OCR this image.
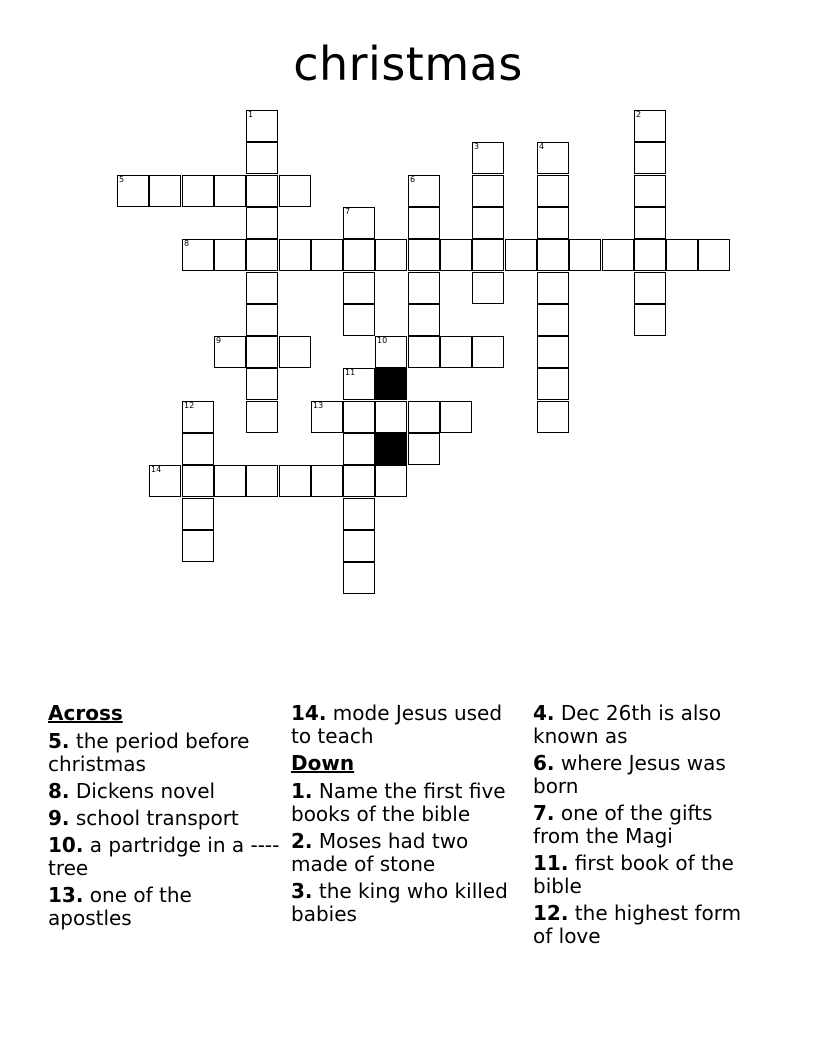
christmas
5
8
9	10
13
14
1	2
3	4
6
7
11
12
Across
5. the period before christmas
8. Dickens novel
9. school transport
10. a partridge in a ---- tree
13. one of the apostles
14. mode Jesus used to teach
Down
1. Name the first five books of the bible
2. Moses had two made of stone
3. the king who killed babies
4. Dec 26th is also known as
6. where Jesus was born
7. one of the gifts from the Magi
11. first book of the bible
12. the highest form of love
